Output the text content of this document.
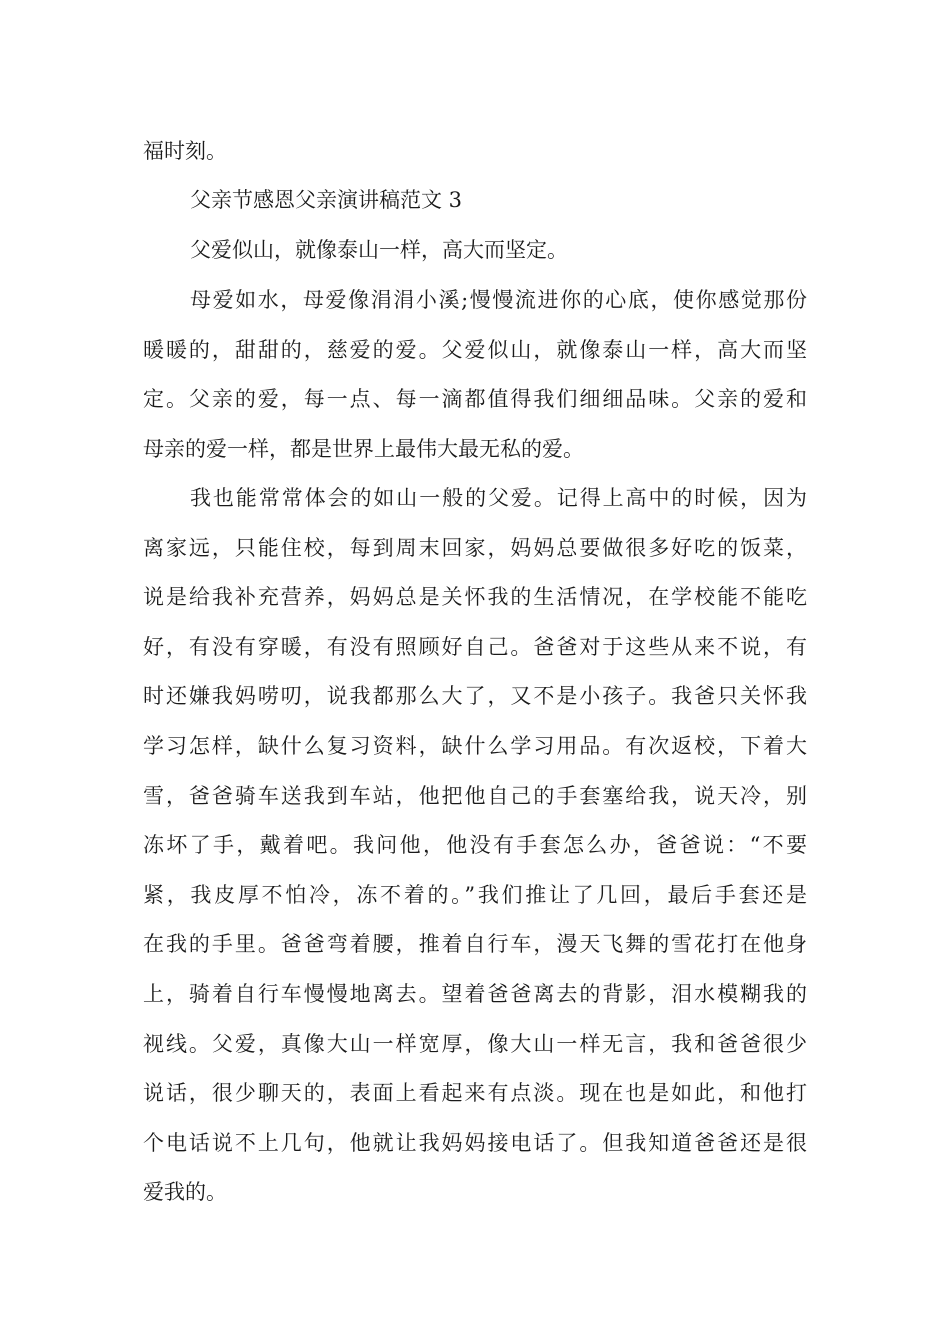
福时刻。
父亲节感恩父亲演讲稿范文 3
父爱似山，就像泰山一样，高大而坚定。
母爱如水，母爱像涓涓小溪;慢慢流进你的心底，使你感觉那份
暖暖的，甜甜的，慈爱的爱。父爱似山，就像泰山一样，高大而坚
定。父亲的爱，每一点、每一滴都值得我们细细品味。父亲的爱和
母亲的爱一样，都是世界上最伟大最无私的爱。
我也能常常体会的如山一般的父爱。记得上高中的时候，因为
离家远，只能住校，每到周末回家，妈妈总要做很多好吃的饭菜，
说是给我补充营养，妈妈总是关怀我的生活情况，在学校能不能吃
好，有没有穿暖，有没有照顾好自己。爸爸对于这些从来不说，有
时还嫌我妈唠叨，说我都那么大了，又不是小孩子。我爸只关怀我
学习怎样，缺什么复习资料，缺什么学习用品。有次返校，下着大
雪，爸爸骑车送我到车站，他把他自己的手套塞给我，说天冷，别
冻坏了手，戴着吧。我问他，他没有手套怎么办，爸爸说：“不要
紧，我皮厚不怕冷，冻不着的。”我们推让了几回，最后手套还是
在我的手里。爸爸弯着腰，推着自行车，漫天飞舞的雪花打在他身
上，骑着自行车慢慢地离去。望着爸爸离去的背影，泪水模糊我的
视线。父爱，真像大山一样宽厚，像大山一样无言，我和爸爸很少
说话，很少聊天的，表面上看起来有点淡。现在也是如此，和他打
个电话说不上几句，他就让我妈妈接电话了。但我知道爸爸还是很
爱我的。
